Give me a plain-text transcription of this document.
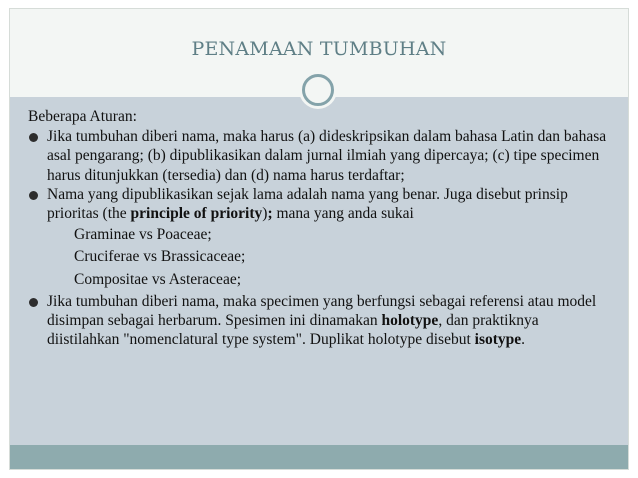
PENAMAAN TUMBUHAN

Beberapa Aturan:

Jika tumbuhan diberi nama, maka harus (a) dideskripsikan dalam bahasa Latin dan bahasa asal pengarang; (b) dipublikasikan dalam jurnal ilmiah yang dipercaya; (c) tipe specimen harus ditunjukkan (tersedia) dan (d) nama harus terdaftar;

Nama yang dipublikasikan sejak lama adalah nama yang benar. Juga disebut prinsip prioritas (the principle of priority); mana yang anda sukai

Graminae vs Poaceae;

Cruciferae vs Brassicaceae;

Compositae vs Asteraceae;

Jika tumbuhan diberi nama, maka specimen yang berfungsi sebagai referensi atau model disimpan sebagai herbarum. Spesimen ini dinamakan holotype, dan praktiknya diistilahkan "nomenclatural type system". Duplikat holotype disebut isotype.
